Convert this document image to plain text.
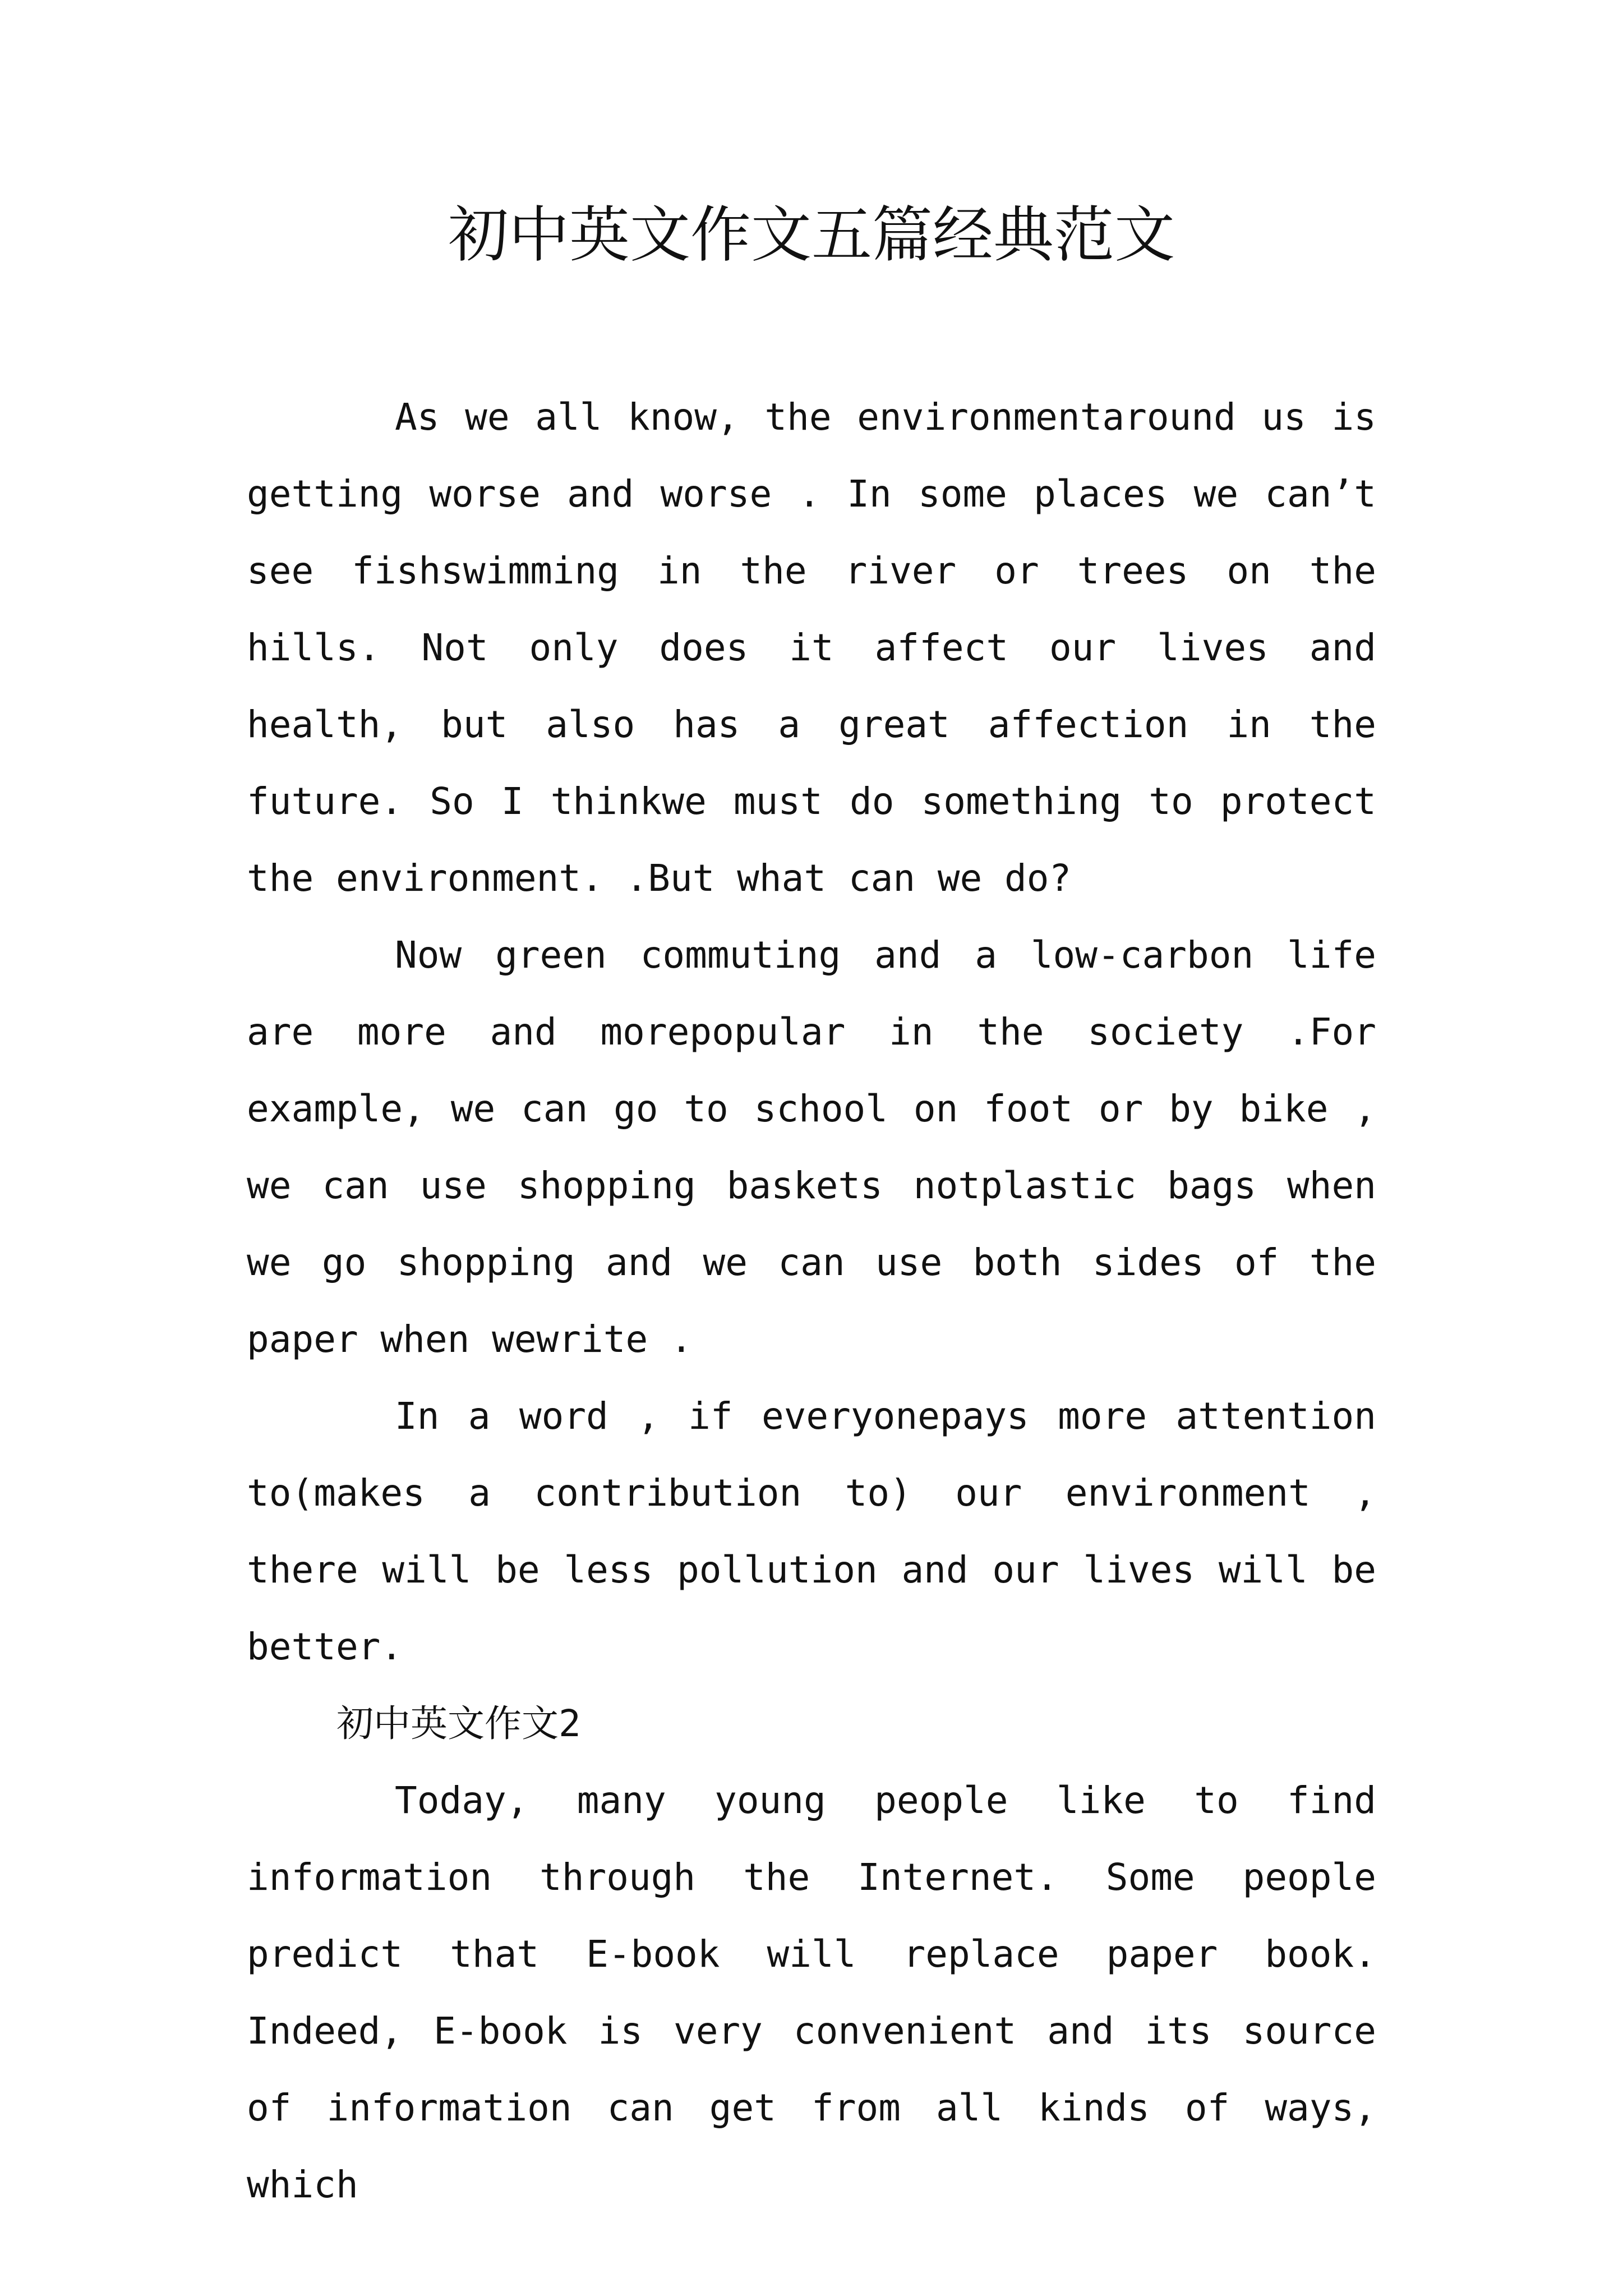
初中英文作文五篇经典范文

As we all know, the environmentaround us is getting worse and worse . In some places we can’t see fishswimming in the river or trees on the hills. Not only does it affect our lives and health, but also has a great affection in the future. So I thinkwe must do something to protect the environment. .But what can we do?

Now green commuting and a low-carbon life are more and morepopular in the society .For example, we can go to school on foot or by bike , we can use shopping baskets notplastic bags when we go shopping and we can use both sides of the paper when wewrite .

In a word , if everyonepays more attention to(makes a contribution to) our environment , there will be less pollution and our lives will be better.

初中英文作文2

Today, many young people like to find information through the Internet. Some people predict that E-book will replace paper book. Indeed, E-book is very convenient and its source of information can get from all kinds of ways, which
